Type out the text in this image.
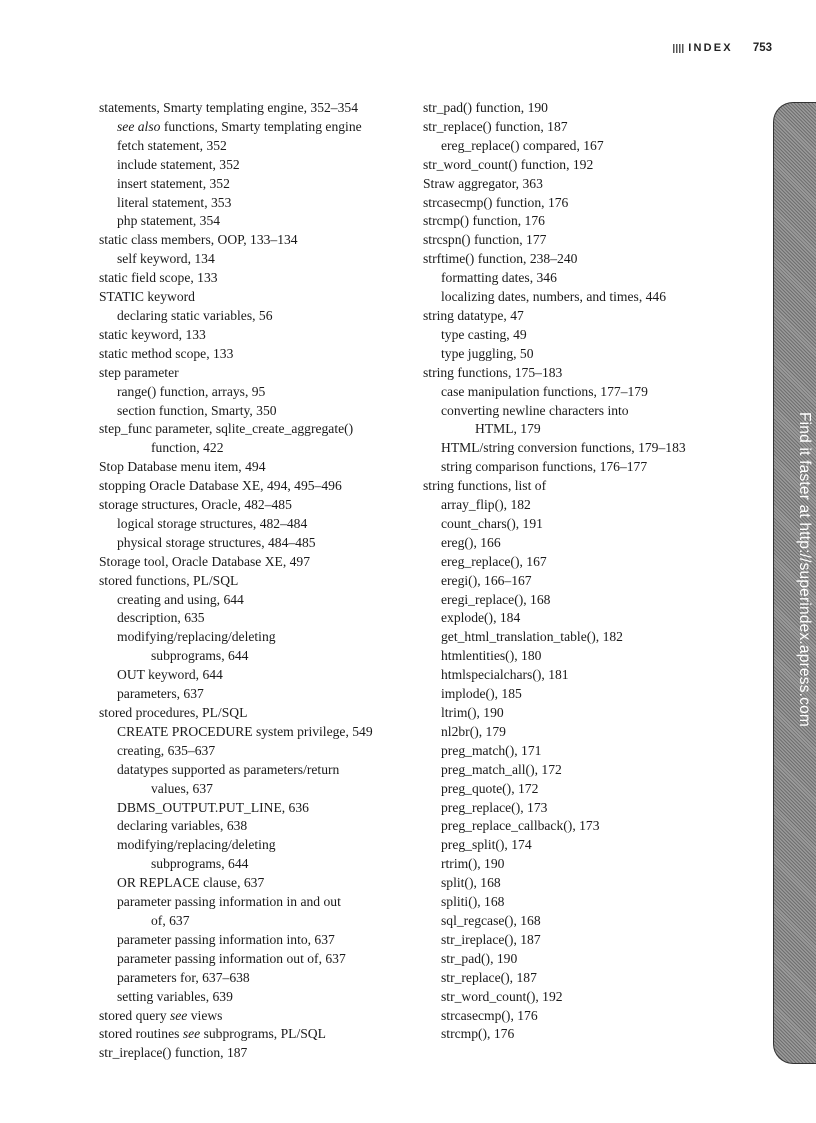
INDEX 753
statements, Smarty templating engine, 352–354
see also functions, Smarty templating engine
fetch statement, 352
include statement, 352
insert statement, 352
literal statement, 353
php statement, 354
static class members, OOP, 133–134
self keyword, 134
static field scope, 133
STATIC keyword
declaring static variables, 56
static keyword, 133
static method scope, 133
step parameter
range() function, arrays, 95
section function, Smarty, 350
step_func parameter, sqlite_create_aggregate()
function, 422
Stop Database menu item, 494
stopping Oracle Database XE, 494, 495–496
storage structures, Oracle, 482–485
logical storage structures, 482–484
physical storage structures, 484–485
Storage tool, Oracle Database XE, 497
stored functions, PL/SQL
creating and using, 644
description, 635
modifying/replacing/deleting
subprograms, 644
OUT keyword, 644
parameters, 637
stored procedures, PL/SQL
CREATE PROCEDURE system privilege, 549
creating, 635–637
datatypes supported as parameters/return
values, 637
DBMS_OUTPUT.PUT_LINE, 636
declaring variables, 638
modifying/replacing/deleting
subprograms, 644
OR REPLACE clause, 637
parameter passing information in and out
of, 637
parameter passing information into, 637
parameter passing information out of, 637
parameters for, 637–638
setting variables, 639
stored query see views
stored routines see subprograms, PL/SQL
str_ireplace() function, 187
str_pad() function, 190
str_replace() function, 187
ereg_replace() compared, 167
str_word_count() function, 192
Straw aggregator, 363
strcasecmp() function, 176
strcmp() function, 176
strcspn() function, 177
strftime() function, 238–240
formatting dates, 346
localizing dates, numbers, and times, 446
string datatype, 47
type casting, 49
type juggling, 50
string functions, 175–183
case manipulation functions, 177–179
converting newline characters into
HTML, 179
HTML/string conversion functions, 179–183
string comparison functions, 176–177
string functions, list of
array_flip(), 182
count_chars(), 191
ereg(), 166
ereg_replace(), 167
eregi(), 166–167
eregi_replace(), 168
explode(), 184
get_html_translation_table(), 182
htmlentities(), 180
htmlspecialchars(), 181
implode(), 185
ltrim(), 190
nl2br(), 179
preg_match(), 171
preg_match_all(), 172
preg_quote(), 172
preg_replace(), 173
preg_replace_callback(), 173
preg_split(), 174
rtrim(), 190
split(), 168
spliti(), 168
sql_regcase(), 168
str_ireplace(), 187
str_pad(), 190
str_replace(), 187
str_word_count(), 192
strcasecmp(), 176
strcmp(), 176
Find it faster at http://superindex.apress.com
